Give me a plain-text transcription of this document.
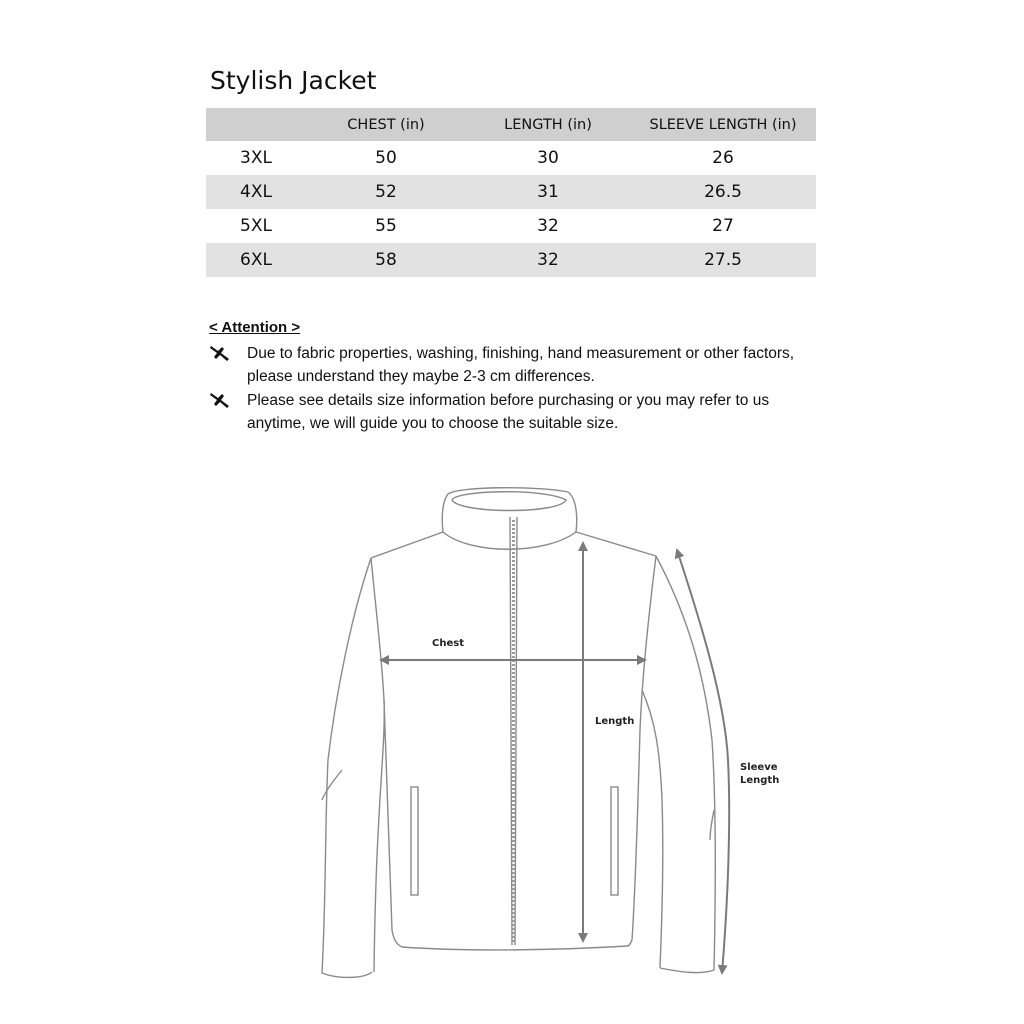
Stylish Jacket
	CHEST (in)	LENGTH (in)	SLEEVE LENGTH (in)
3XL	50	30	26
4XL	52	31	26.5
5XL	55	32	27
6XL	58	32	27.5
< Attention >
Due to fabric properties, washing, finishing, hand measurement or other factors,
please understand they maybe 2-3 cm differences.
Please see details size information before purchasing or you may refer to us
anytime, we will guide you to choose the suitable size.
Chest
Length
Sleeve
Length
